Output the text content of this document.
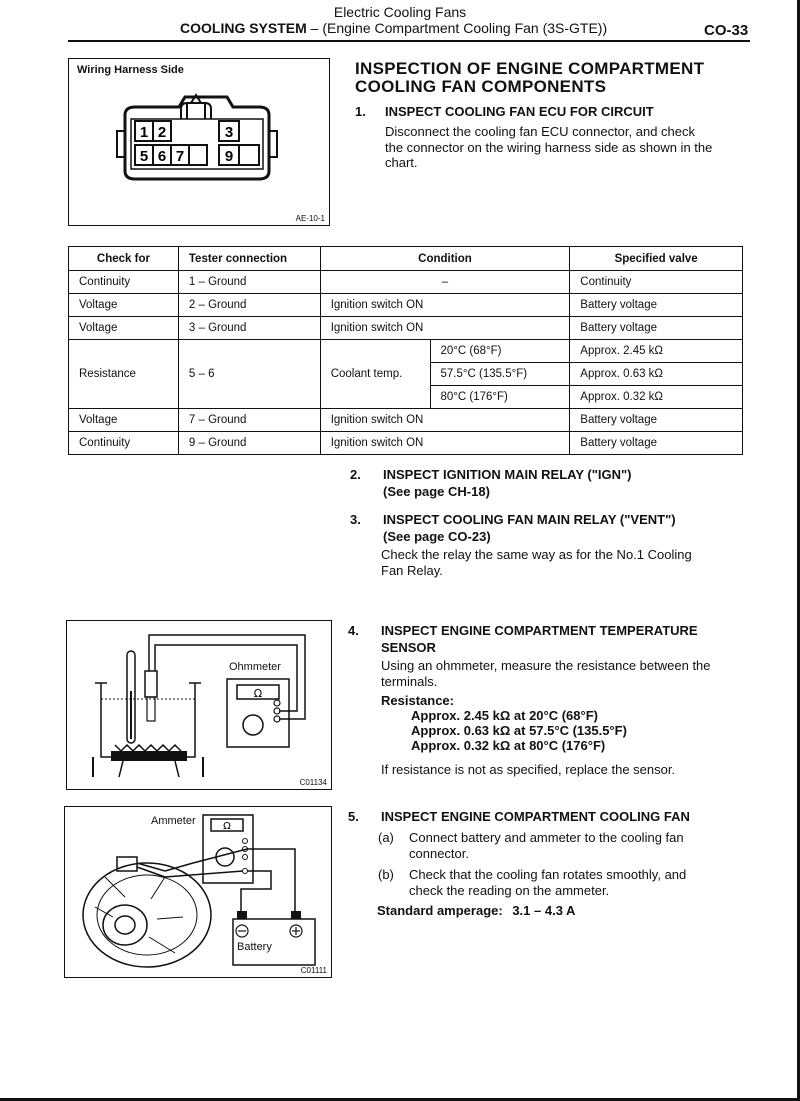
Electric Cooling Fans
COOLING SYSTEM – (Engine Compartment Cooling Fan (3S-GTE))	CO-33
Wiring Harness Side
1 2	3
5 6 7	9
AE-10-1
INSPECTION OF ENGINE COMPARTMENT
COOLING FAN COMPONENTS
1. INSPECT COOLING FAN ECU FOR CIRCUIT
Disconnect the cooling fan ECU connector, and check
the connector on the wiring harness side as shown in the
chart.
Check for	Tester connection	Condition		Specified valve
Continuity	1 – Ground	–		Continuity
Voltage	2 – Ground	Ignition switch ON		Battery voltage
Voltage	3 – Ground	Ignition switch ON		Battery voltage
Resistance	5 – 6	Coolant temp.	20°C (68°F)	Approx. 2.45 kΩ
			57.5°C (135.5°F)	Approx. 0.63 kΩ
			80°C (176°F)	Approx. 0.32 kΩ
Voltage	7 – Ground	Ignition switch ON		Battery voltage
Continuity	9 – Ground	Ignition switch ON		Battery voltage
2. INSPECT IGNITION MAIN RELAY ("IGN")
(See page CH-18)
3. INSPECT COOLING FAN MAIN RELAY ("VENT")
(See page CO-23)
Check the relay the same way as for the No.1 Cooling
Fan Relay.
Ω
Ohmmeter
C01134
4. INSPECT ENGINE COMPARTMENT TEMPERATURE
SENSOR
Using an ohmmeter, measure the resistance between the
terminals.
Resistance:
Approx. 2.45 kΩ at 20°C (68°F)
Approx. 0.63 kΩ at 57.5°C (135.5°F)
Approx. 0.32 kΩ at 80°C (176°F)
If resistance is not as specified, replace the sensor.
Ω
Ammeter
Battery
C01111
5. INSPECT ENGINE COMPARTMENT COOLING FAN
(a) Connect battery and ammeter to the cooling fan
connector.
(b) Check that the cooling fan rotates smoothly, and
check the reading on the ammeter.
Standard amperage: 3.1 – 4.3 A
